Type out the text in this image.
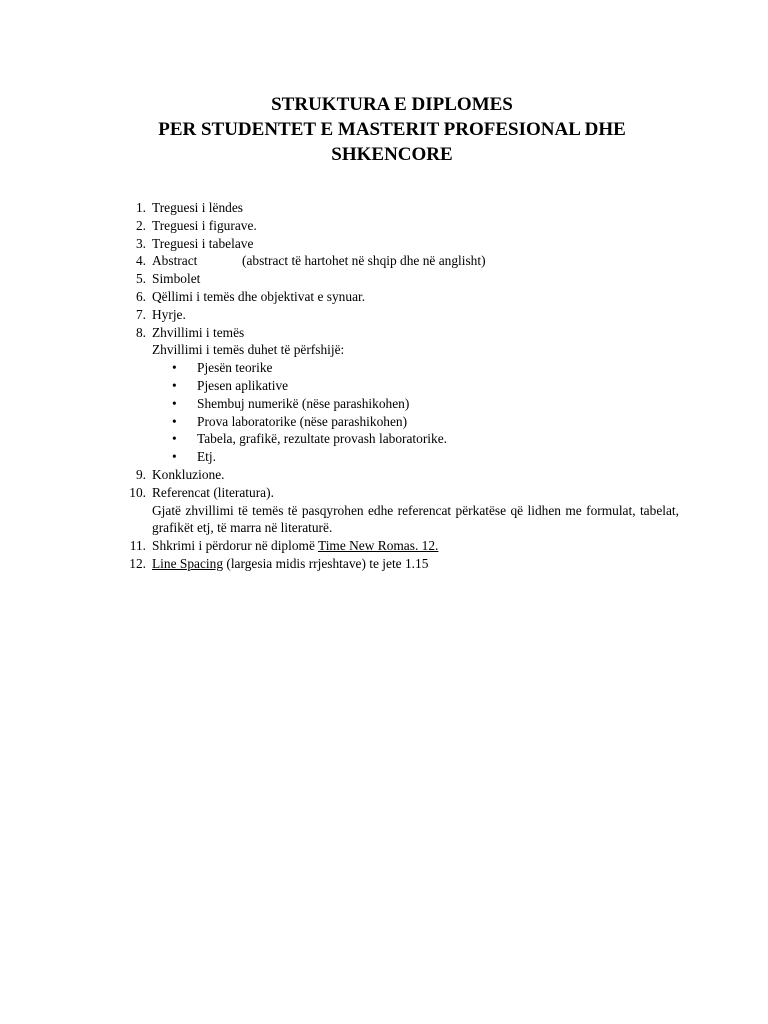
STRUKTURA E DIPLOMES
PER STUDENTET E MASTERIT PROFESIONAL DHE
SHKENCORE
1. Treguesi i lëndes
2. Treguesi i figurave.
3. Treguesi i tabelave
4. Abstract	(abstract të hartohet në shqip dhe në anglisht)
5. Simbolet
6. Qëllimi i temës dhe objektivat e synuar.
7. Hyrje.
8. Zhvillimi i temës
Zhvillimi i temës duhet të përfshijë:
• Pjesën teorike
• Pjesen aplikative
• Shembuj numerikë (nëse parashikohen)
• Prova laboratorike (nëse parashikohen)
• Tabela, grafikë, rezultate provash laboratorike.
• Etj.
9. Konkluzione.
10. Referencat (literatura).
Gjatë zhvillimi të temës të pasqyrohen edhe referencat përkatëse që lidhen me formulat, tabelat, grafikët etj, të marra në literaturë.
11. Shkrimi i përdorur në diplomë Time New Romas. 12.
12. Line Spacing (largesia midis rrjeshtave) te jete 1.15
